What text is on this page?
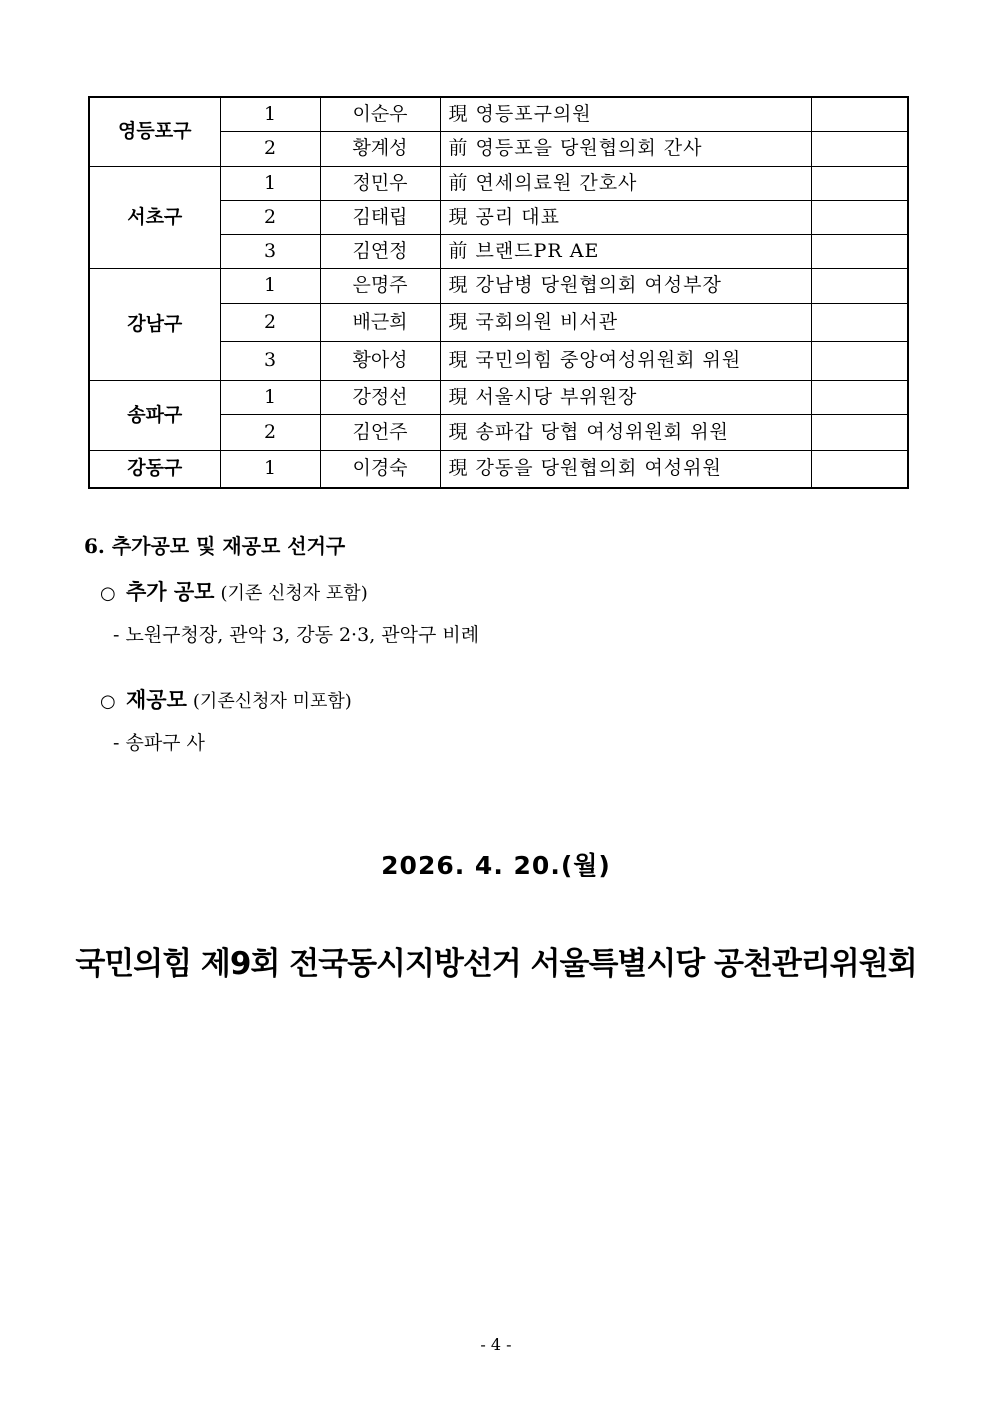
영등포구	1	이순우	現 영등포구의원	
	2	황계성	前 영등포을 당원협의회 간사	
서초구	1	정민우	前 연세의료원 간호사	
	2	김태립	現 공리 대표	
	3	김연정	前 브랜드PR AE	
강남구	1	은명주	現 강남병 당원협의회 여성부장	
	2	배근희	現 국회의원 비서관	
	3	황아성	現 국민의힘 중앙여성위원회 위원	
송파구	1	강정선	現 서울시당 부위원장	
	2	김언주	現 송파갑 당협 여성위원회 위원	
강동구	1	이경숙	現 강동을 당원협의회 여성위원	
6. 추가공모 및 재공모 선거구
○ 추가 공모 (기존 신청자 포함)
- 노원구청장, 관악 3, 강동 2·3, 관악구 비례
○ 재공모 (기존신청자 미포함)
- 송파구 사

2026. 4. 20.(월)

국민의힘 제9회 전국동시지방선거 서울특별시당 공천관리위원회

- 4 -
